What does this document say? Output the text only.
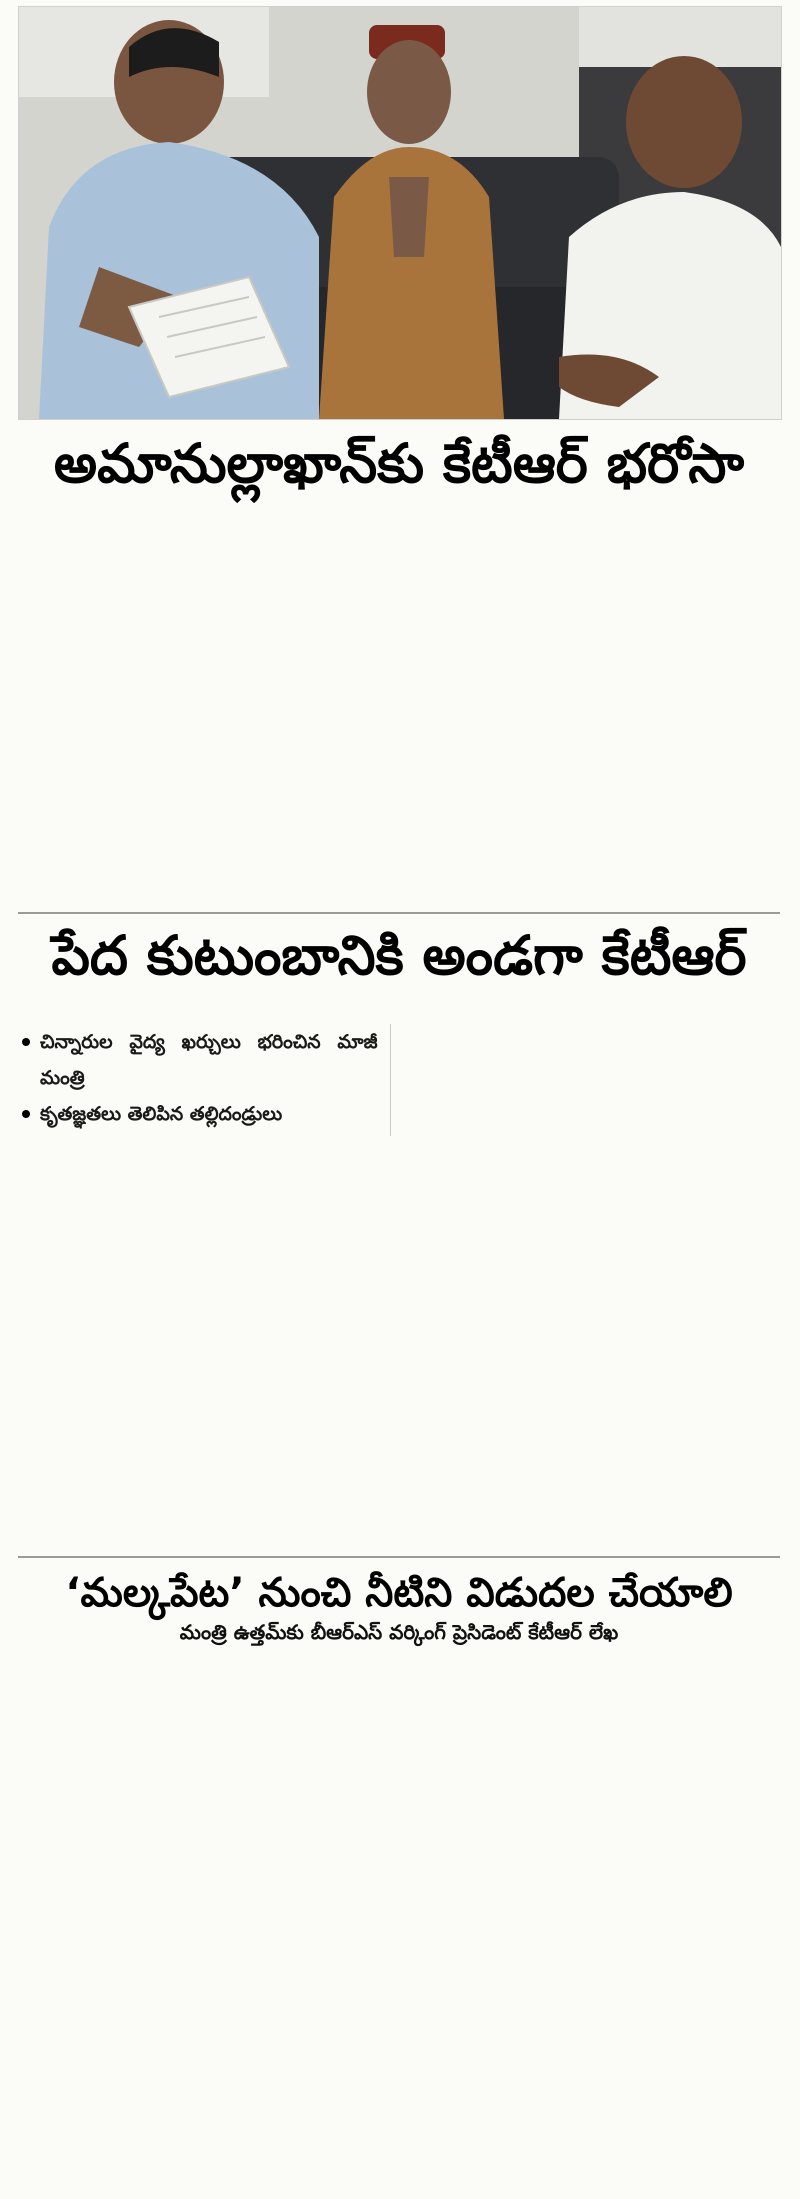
అమానుల్లాఖాన్‌కు కేటీఆర్ భరోసా
పేద కుటుంబానికి అండగా కేటీఆర్
చిన్నారుల వైద్య ఖర్చులు భరించిన మాజీ మంత్రి
కృతజ్ఞతలు తెలిపిన తల్లిదండ్రులు
‘మల్కపేట’ నుంచి నీటిని విడుదల చేయాలి
మంత్రి ఉత్తమ్‌కు బీఆర్ఎస్ వర్కింగ్ ప్రెసిడెంట్ కేటీఆర్ లేఖ
